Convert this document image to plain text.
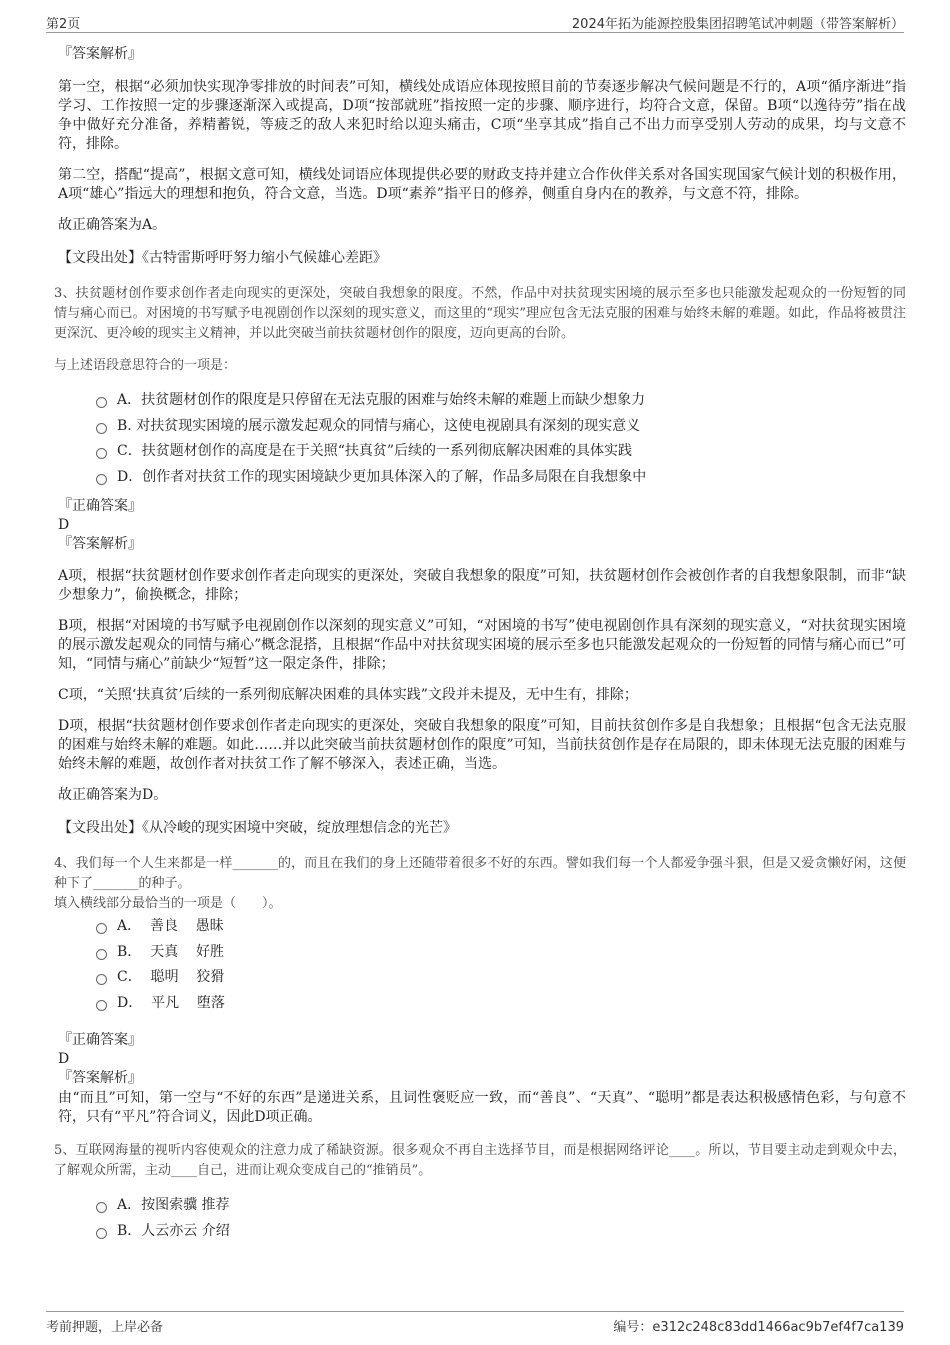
第2页	2024年拓为能源控股集团招聘笔试冲刺题（带答案解析）

『答案解析』

第一空，根据“必须加快实现净零排放的时间表”可知，横线处成语应体现按照目前的节奏逐步解决气候问题是不行的，A项“循序渐进”指学习、工作按照一定的步骤逐渐深入或提高，D项“按部就班”指按照一定的步骤、顺序进行，均符合文意，保留。B项“以逸待劳”指在战争中做好充分准备，养精蓄锐，等疲乏的敌人来犯时给以迎头痛击，C项“坐享其成”指自己不出力而享受别人劳动的成果，均与文意不符，排除。

第二空，搭配“提高”，根据文意可知，横线处词语应体现提供必要的财政支持并建立合作伙伴关系对各国实现国家气候计划的积极作用，A项“雄心”指远大的理想和抱负，符合文意，当选。D项“素养”指平日的修养，侧重自身内在的教养，与文意不符，排除。

故正确答案为A。

【文段出处】《古特雷斯呼吁努力缩小气候雄心差距》

3、扶贫题材创作要求创作者走向现实的更深处，突破自我想象的限度。不然，作品中对扶贫现实困境的展示至多也只能激发起观众的一份短暂的同情与痛心而已。对困境的书写赋予电视剧创作以深刻的现实意义，而这里的“现实”理应包含无法克服的困难与始终未解的难题。如此，作品将被贯注更深沉、更冷峻的现实主义精神，并以此突破当前扶贫题材创作的限度，迈向更高的台阶。

与上述语段意思符合的一项是：

A．扶贫题材创作的限度是只停留在无法克服的困难与始终未解的难题上而缺少想象力
B. 对扶贫现实困境的展示激发起观众的同情与痛心，这使电视剧具有深刻的现实意义
C．扶贫题材创作的高度是在于关照“扶真贫”后续的一系列彻底解决困难的具体实践
D．创作者对扶贫工作的现实困境缺少更加具体深入的了解，作品多局限在自我想象中

『正确答案』

D

『答案解析』

A项，根据“扶贫题材创作要求创作者走向现实的更深处，突破自我想象的限度”可知，扶贫题材创作会被创作者的自我想象限制，而非“缺少想象力”，偷换概念，排除；

B项，根据“对困境的书写赋予电视剧创作以深刻的现实意义”可知，“对困境的书写”使电视剧创作具有深刻的现实意义，“对扶贫现实困境的展示激发起观众的同情与痛心”概念混搭，且根据“作品中对扶贫现实困境的展示至多也只能激发起观众的一份短暂的同情与痛心而已”可知，“同情与痛心”前缺少“短暂”这一限定条件，排除；

C项，“关照‘扶真贫’后续的一系列彻底解决困难的具体实践”文段并未提及，无中生有，排除；

D项，根据“扶贫题材创作要求创作者走向现实的更深处，突破自我想象的限度”可知，目前扶贫创作多是自我想象；且根据“包含无法克服的困难与始终未解的难题。如此……并以此突破当前扶贫题材创作的限度”可知，当前扶贫创作是存在局限的，即未体现无法克服的困难与始终未解的难题，故创作者对扶贫工作了解不够深入，表述正确，当选。

故正确答案为D。

【文段出处】《从冷峻的现实困境中突破，绽放理想信念的光芒》

4、我们每一个人生来都是一样_______的，而且在我们的身上还随带着很多不好的东西。譬如我们每一个人都爱争强斗狠，但是又爱贪懒好闲，这便种下了_______的种子。

填入横线部分最恰当的一项是（　　）。

A．  善良    愚昧
B．  天真    好胜
C．  聪明    狡猾
D．  平凡    堕落

『正确答案』

D

『答案解析』

由“而且”可知，第一空与“不好的东西”是递进关系，且词性褒贬应一致，而“善良”、“天真”、“聪明”都是表达积极感情色彩，与句意不符，只有“平凡”符合词义，因此D项正确。

5、互联网海量的视听内容使观众的注意力成了稀缺资源。很多观众不再自主选择节目，而是根据网络评论____。所以，节目要主动走到观众中去，了解观众所需，主动____自己，进而让观众变成自己的“推销员”。

A．按图索骥 推荐
B．人云亦云 介绍
考前押题，上岸必备	编号：e312c248c83dd1466ac9b7ef4f7ca139
